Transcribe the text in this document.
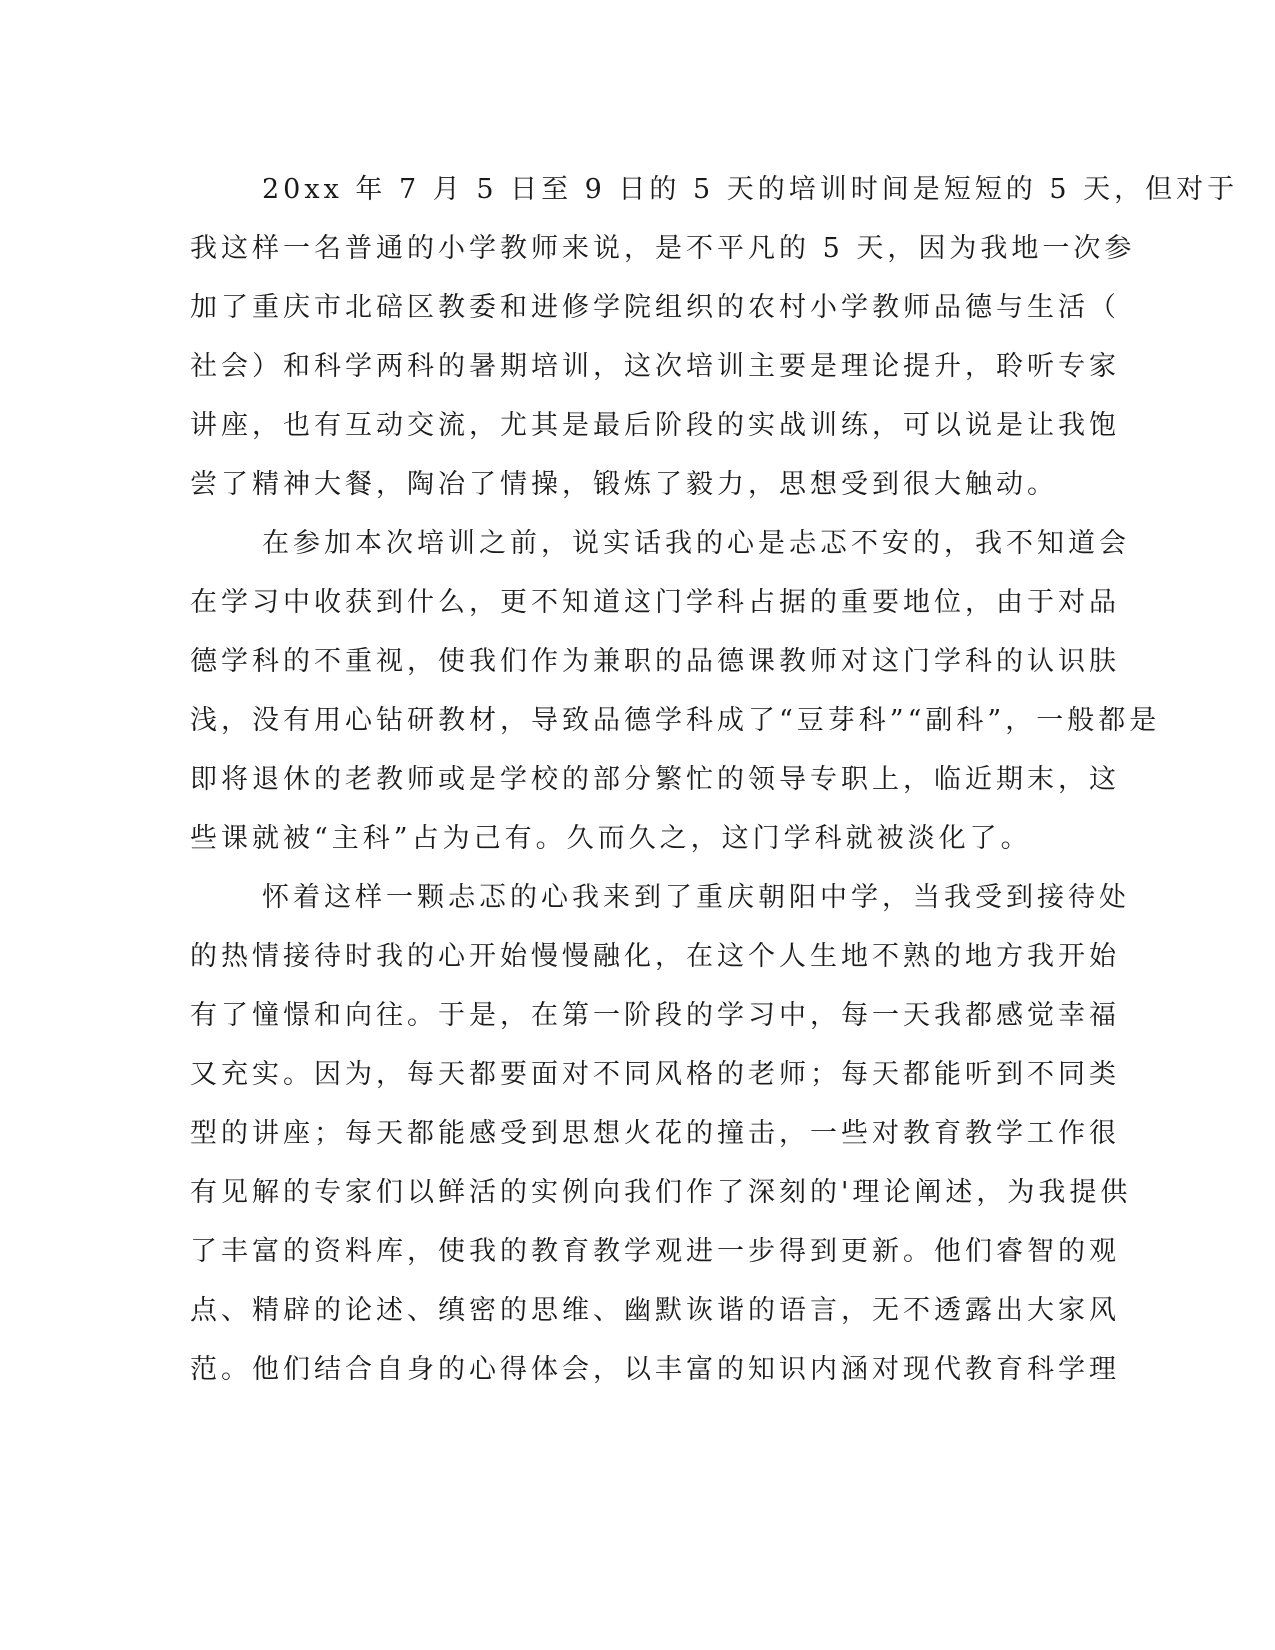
20xx 年 7 月 5 日至 9 日的 5 天的培训时间是短短的 5 天，但对于
我这样一名普通的小学教师来说，是不平凡的 5 天，因为我地一次参
加了重庆市北碚区教委和进修学院组织的农村小学教师品德与生活（
社会）和科学两科的暑期培训，这次培训主要是理论提升，聆听专家
讲座，也有互动交流，尤其是最后阶段的实战训练，可以说是让我饱
尝了精神大餐，陶冶了情操，锻炼了毅力，思想受到很大触动。
在参加本次培训之前，说实话我的心是忐忑不安的，我不知道会
在学习中收获到什么，更不知道这门学科占据的重要地位，由于对品
德学科的不重视，使我们作为兼职的品德课教师对这门学科的认识肤
浅，没有用心钻研教材，导致品德学科成了“豆芽科”“副科”，一般都是
即将退休的老教师或是学校的部分繁忙的领导专职上，临近期末，这
些课就被“主科”占为己有。久而久之，这门学科就被淡化了。
怀着这样一颗忐忑的心我来到了重庆朝阳中学，当我受到接待处
的热情接待时我的心开始慢慢融化，在这个人生地不熟的地方我开始
有了憧憬和向往。于是，在第一阶段的学习中，每一天我都感觉幸福
又充实。因为，每天都要面对不同风格的老师；每天都能听到不同类
型的讲座；每天都能感受到思想火花的撞击，一些对教育教学工作很
有见解的专家们以鲜活的实例向我们作了深刻的'理论阐述，为我提供
了丰富的资料库，使我的教育教学观进一步得到更新。他们睿智的观
点、精辟的论述、缜密的思维、幽默诙谐的语言，无不透露出大家风
范。他们结合自身的心得体会，以丰富的知识内涵对现代教育科学理
